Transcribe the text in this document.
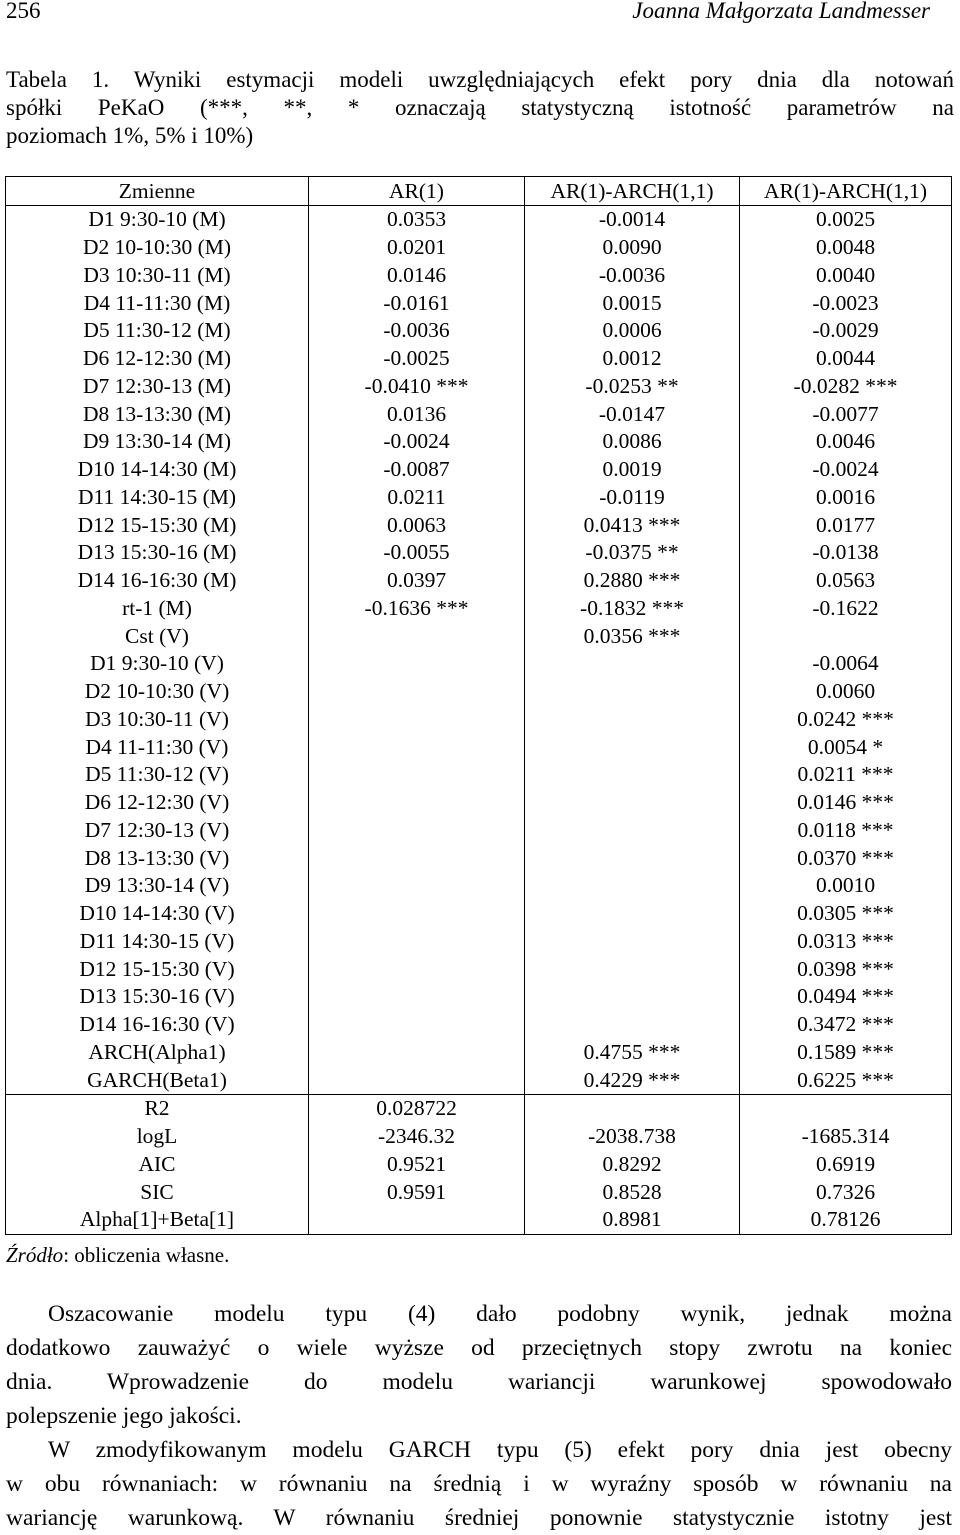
256	Joanna Małgorzata Landmesser
Tabela 1. Wyniki estymacji modeli uwzględniających efekt pory dnia dla notowań
spółki PeKaO (***, **, * oznaczają statystyczną istotność parametrów na
poziomach 1%, 5% i 10%)
Zmienne	AR(1)	AR(1)-ARCH(1,1)	AR(1)-ARCH(1,1)
D1 9:30-10 (M)	0.0353	-0.0014	0.0025
D2 10-10:30 (M)	0.0201	0.0090	0.0048
D3 10:30-11 (M)	0.0146	-0.0036	0.0040
D4 11-11:30 (M)	-0.0161	0.0015	-0.0023
D5 11:30-12 (M)	-0.0036	0.0006	-0.0029
D6 12-12:30 (M)	-0.0025	0.0012	0.0044
D7 12:30-13 (M)	-0.0410 ***	-0.0253 **	-0.0282 ***
D8 13-13:30 (M)	0.0136	-0.0147	-0.0077
D9 13:30-14 (M)	-0.0024	0.0086	0.0046
D10 14-14:30 (M)	-0.0087	0.0019	-0.0024
D11 14:30-15 (M)	0.0211	-0.0119	0.0016
D12 15-15:30 (M)	0.0063	0.0413 ***	0.0177
D13 15:30-16 (M)	-0.0055	-0.0375 **	-0.0138
D14 16-16:30 (M)	0.0397	0.2880 ***	0.0563
rt-1 (M)	-0.1636 ***	-0.1832 ***	-0.1622
Cst (V)		0.0356 ***	
D1 9:30-10 (V)			-0.0064
D2 10-10:30 (V)			0.0060
D3 10:30-11 (V)			0.0242 ***
D4 11-11:30 (V)			0.0054 *
D5 11:30-12 (V)			0.0211 ***
D6 12-12:30 (V)			0.0146 ***
D7 12:30-13 (V)			0.0118 ***
D8 13-13:30 (V)			0.0370 ***
D9 13:30-14 (V)			0.0010
D10 14-14:30 (V)			0.0305 ***
D11 14:30-15 (V)			0.0313 ***
D12 15-15:30 (V)			0.0398 ***
D13 15:30-16 (V)			0.0494 ***
D14 16-16:30 (V)			0.3472 ***
ARCH(Alpha1)		0.4755 ***	0.1589 ***
GARCH(Beta1)		0.4229 ***	0.6225 ***
R2	0.028722		
logL	-2346.32	-2038.738	-1685.314
AIC	0.9521	0.8292	0.6919
SIC	0.9591	0.8528	0.7326
Alpha[1]+Beta[1]		0.8981	0.78126
Źródło: obliczenia własne.
Oszacowanie modelu typu (4) dało podobny wynik, jednak można
dodatkowo zauważyć o wiele wyższe od przeciętnych stopy zwrotu na koniec
dnia. Wprowadzenie do modelu wariancji warunkowej spowodowało
polepszenie jego jakości.
W zmodyfikowanym modelu GARCH typu (5) efekt pory dnia jest obecny
w obu równaniach: w równaniu na średnią i w wyraźny sposób w równaniu na
wariancję warunkową. W równaniu średniej ponownie statystycznie istotny jest
